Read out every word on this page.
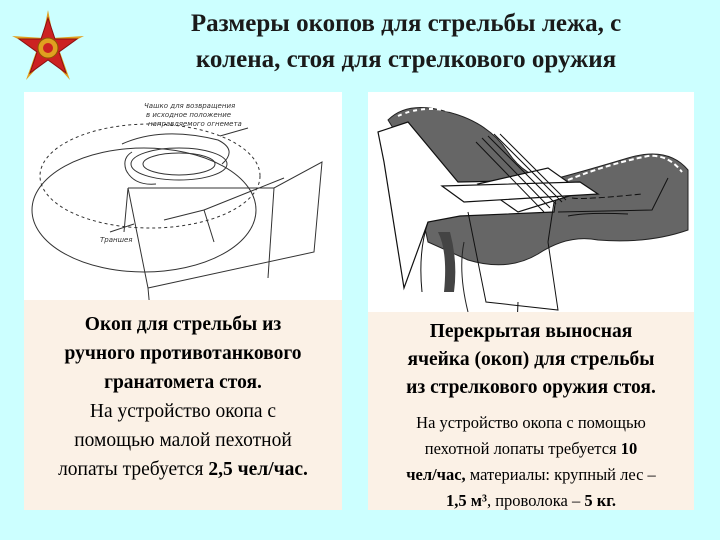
Размеры окопов для стрельбы лежа, с
колена, стоя для стрелкового оружия
Чашко для возвращения
в исходное положение
направляемого огнемета
Траншея
Окоп для стрельбы из
ручного противотанкового
гранатомета стоя.
На устройство окопа с
помощью малой пехотной
лопаты требуется 2,5 чел/час.
Перекрытая выносная
ячейка (окоп) для стрельбы
из стрелкового оружия стоя.
На устройство окопа с помощью
пехотной лопаты требуется 10
чел/час, материалы: крупный лес –
1,5 м³, проволока – 5 кг.
